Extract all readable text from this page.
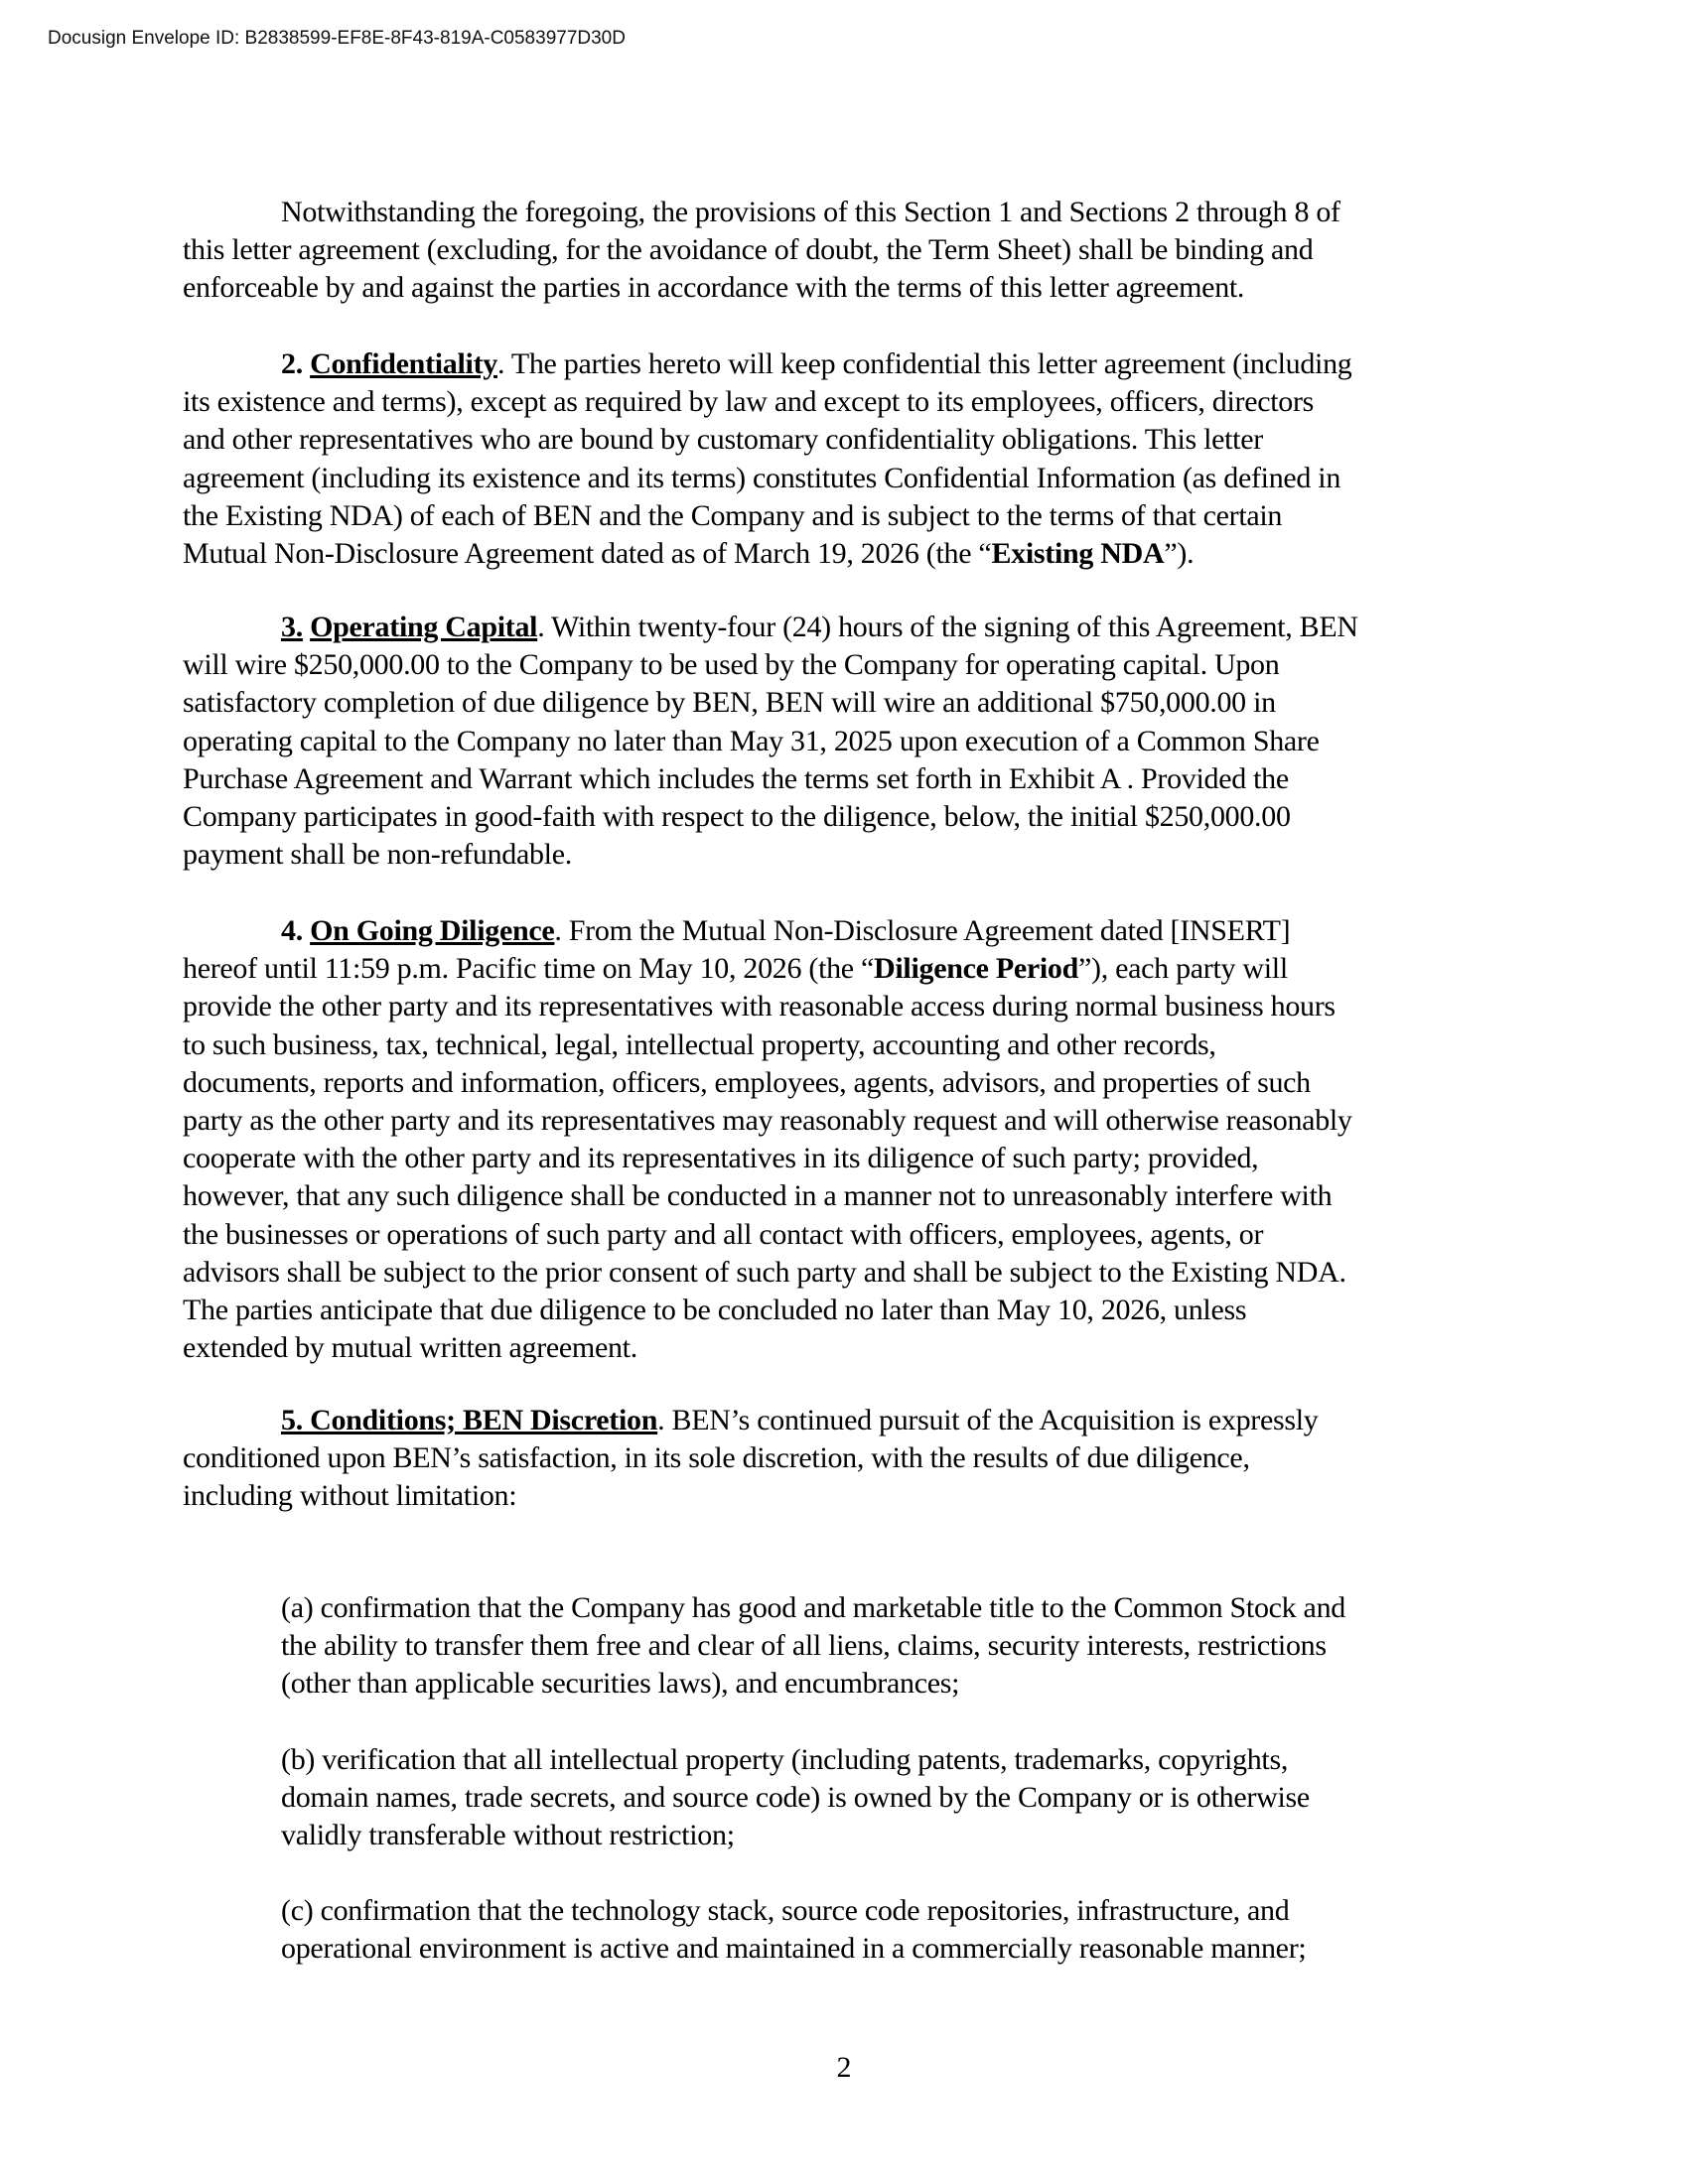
Docusign Envelope ID: B2838599-EF8E-8F43-819A-C0583977D30D
Notwithstanding the foregoing, the provisions of this Section 1 and Sections 2 through 8 of
this letter agreement (excluding, for the avoidance of doubt, the Term Sheet) shall be binding and
enforceable by and against the parties in accordance with the terms of this letter agreement.
2. Confidentiality. The parties hereto will keep confidential this letter agreement (including
its existence and terms), except as required by law and except to its employees, officers, directors
and other representatives who are bound by customary confidentiality obligations. This letter
agreement (including its existence and its terms) constitutes Confidential Information (as defined in
the Existing NDA) of each of BEN and the Company and is subject to the terms of that certain
Mutual Non-Disclosure Agreement dated as of March 19, 2026 (the “Existing NDA”).
3. Operating Capital. Within twenty-four (24) hours of the signing of this Agreement, BEN
will wire $250,000.00 to the Company to be used by the Company for operating capital. Upon
satisfactory completion of due diligence by BEN, BEN will wire an additional $750,000.00 in
operating capital to the Company no later than May 31, 2025 upon execution of a Common Share
Purchase Agreement and Warrant which includes the terms set forth in Exhibit A . Provided the
Company participates in good-faith with respect to the diligence, below, the initial $250,000.00
payment shall be non-refundable.
4. On Going Diligence. From the Mutual Non-Disclosure Agreement dated [INSERT]
hereof until 11:59 p.m. Pacific time on May 10, 2026 (the “Diligence Period”), each party will
provide the other party and its representatives with reasonable access during normal business hours
to such business, tax, technical, legal, intellectual property, accounting and other records,
documents, reports and information, officers, employees, agents, advisors, and properties of such
party as the other party and its representatives may reasonably request and will otherwise reasonably
cooperate with the other party and its representatives in its diligence of such party; provided,
however, that any such diligence shall be conducted in a manner not to unreasonably interfere with
the businesses or operations of such party and all contact with officers, employees, agents, or
advisors shall be subject to the prior consent of such party and shall be subject to the Existing NDA.
The parties anticipate that due diligence to be concluded no later than May 10, 2026, unless
extended by mutual written agreement.
5. Conditions; BEN Discretion. BEN’s continued pursuit of the Acquisition is expressly
conditioned upon BEN’s satisfaction, in its sole discretion, with the results of due diligence,
including without limitation:
(a) confirmation that the Company has good and marketable title to the Common Stock and
the ability to transfer them free and clear of all liens, claims, security interests, restrictions
(other than applicable securities laws), and encumbrances;
(b) verification that all intellectual property (including patents, trademarks, copyrights,
domain names, trade secrets, and source code) is owned by the Company or is otherwise
validly transferable without restriction;
(c) confirmation that the technology stack, source code repositories, infrastructure, and
operational environment is active and maintained in a commercially reasonable manner;
2
